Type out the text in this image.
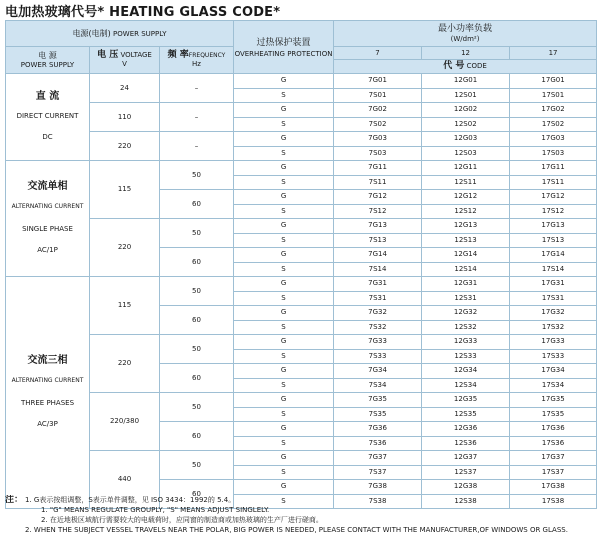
电加热玻璃代号* HEATING GLASS CODE*
电源(电制) POWER SUPPLY			过热保护装置
OVERHEATING PROTECTION	最小功率负载
(W/dm²)		

电 源
POWER SUPPLY	电 压 VOLTAGE
V	频 率FREQUENCY
Hz		7	12	17
				代 号 CODE		

直 流
DIRECT CURRENT
DC	24	–	G	7G01	12G01	17G01
			S	7S01	12S01	17S01
	110	–	G	7G02	12G02	17G02
			S	7S02	12S02	17S02
	220	–	G	7G03	12G03	17G03
			S	7S03	12S03	17S03

交流单相
ALTERNATING CURRENT
SINGLE PHASE
AC/1P	115	50	G	7G11	12G11	17G11
			S	7S11	12S11	17S11
		60	G	7G12	12G12	17G12
			S	7S12	12S12	17S12
	220	50	G	7G13	12G13	17G13
			S	7S13	12S13	17S13
		60	G	7G14	12G14	17G14
			S	7S14	12S14	17S14

交流三相
ALTERNATING CURRENT
THREE PHASES
AC/3P	115	50	G	7G31	12G31	17G31
			S	7S31	12S31	17S31
		60	G	7G32	12G32	17G32
			S	7S32	12S32	17S32
	220	50	G	7G33	12G33	17G33
			S	7S33	12S33	17S33
		60	G	7G34	12G34	17G34
			S	7S34	12S34	17S34
	220/380	50	G	7G35	12G35	17G35
			S	7S35	12S35	17S35
		60	G	7G36	12G36	17G36
			S	7S36	12S36	17S36
	440	50	G	7G37	12G37	17G37
			S	7S37	12S37	17S37
		60	G	7G38	12G38	17G38
			S	7S38	12S38	17S38
注： 1. G表示按组调整，S表示单件调整，见 ISO 3434：1992的 5.4。
1. "G" MEANS REGULATE GROUPLY, "S" MEANS ADJUST SINGLELY.
2. 在近地极区域航行需要较大的电载荷时，应同窗的制造商或加热玻璃的生产厂进行磋商。
2. WHEN THE SUBJECT VESSEL TRAVELS NEAR THE POLAR, BIG POWER IS NEEDED, PLEASE CONTACT WITH THE MANUFACTURER,OF WINDOWS OR GLASS.
